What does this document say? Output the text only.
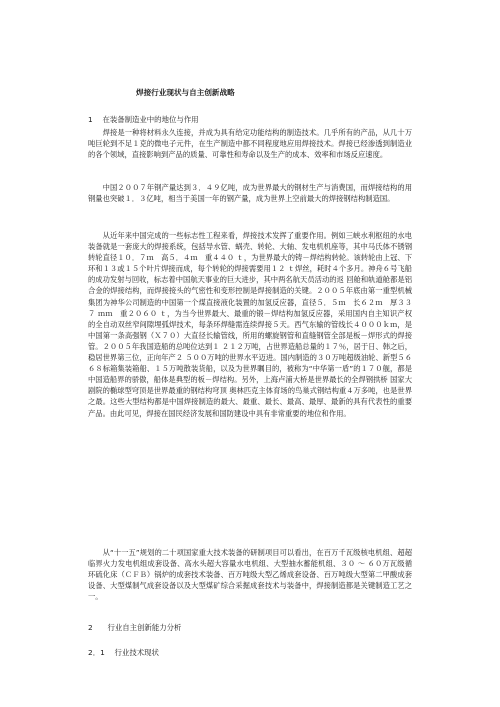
焊接行业现状与自主创新战略
1　 在装备制造业中的地位与作用

焊接是一种将材料永久连接，并成为具有给定功能结构的制造技术。几乎所有的产品，从几十万吨巨轮到不足１克的微电子元件，在生产制造中都不同程度地应用焊接技术。焊接已经渗透到制造业的各个领域，直接影响到产品的质量、可靠性和寿命以及生产的成本、效率和市场反应速度。

中国２００７年钢产量达到３．４９亿吨，成为世界最大的钢材生产与消费国，而焊接结构的用钢量也突破１．３亿吨，相当于美国一年的钢产量，成为世界上空前最大的焊接钢结构制造国。

从近年来中国完成的一些标志性工程来看，焊接技术发挥了重要作用。例如三峡水利枢纽的水电装备就是一套庞大的焊接系统，包括导水管、蜗壳、转轮、大轴、发电机机座等，其中马氏体不锈钢转轮直径１０．７ｍ　高５．４ｍ　重４４０ ｔ，为世界最大的铸－焊结构转轮。该转轮由上冠、下环和１３或１５个叶片焊接而成，每个转轮的焊接需要用１２ ｔ焊丝，耗时４个多月。神舟６号飞船的成功发射与回收，标志着中国航天事业的巨大进步，其中两名航天员活动的返 回舱和轨道舱都是铝合金的焊接结构，而焊接接头的气密性和变形控制是焊接制造的关键。２００５年底由第一重型机械集团为神华公司制造的中国第一个煤直接液化装置的加氢反应器，直径５．５ｍ　长６２ｍ　厚３３７ ｍｍ　重２０６０ ｔ，为当今世界最大、最重的锻－焊结构加氢反应器，采用国内自主知识产权的全自动双丝窄间隙埋弧焊技术，每条环焊缝需连续焊接５天。西气东输的管线长４０００ｋｍ，是中国第一条高强钢（Ｘ７０）大直径长输管线，所用的螺旋钢管和直缝钢管全部是板－焊形式的焊接管。２００５年我国造船的总吨位达到１ ２１２万吨，占世界造船总量的１７％，居于日、韩之后，稳居世界第三位，正向年产２ ５００万吨的世界水平迈进。国内制造的３０万吨超级油轮、新型５６６８标箱集装箱船、１５万吨散装货船，以及为世界瞩目的，被称为“中华第一盾”的１７０舰，都是中国造船界的骄傲，船体是典型的板－焊结构。另外，上海卢浦大桥是世界最长的全焊钢拱桥 国家大剧院的椭球型穹顶是世界最重的钢结构穹顶 奥林匹克主体育场的鸟巢式钢结构重４万多吨，也是世界之最。这些大型结构都是中国焊接制造的最大、最重、最长、最高、最厚、最新的具有代表性的重要产品。由此可见，焊接在国民经济发展和国防建设中具有非常重要的地位和作用。

从“十一五”规划的二十项国家重大技术装备的研制项目可以看出，在百万千瓦级核电机组、超超临界火力发电机组成套设备、高水头超大容量水电机组、大型抽水蓄能机组、３０ ～ ６０万瓦级循环硫化床（ＣＦＢ）锅炉的成套技术装备、百万吨级大型乙烯成套设备、百万吨级大型第二甲酸成套设备、大型煤制气成套设备以及大型煤矿综合采掘成套技术与装备中，焊接制造都是关键制造工艺之一。

2　　行业自主创新能力分析
2．1　 行业技术现状
